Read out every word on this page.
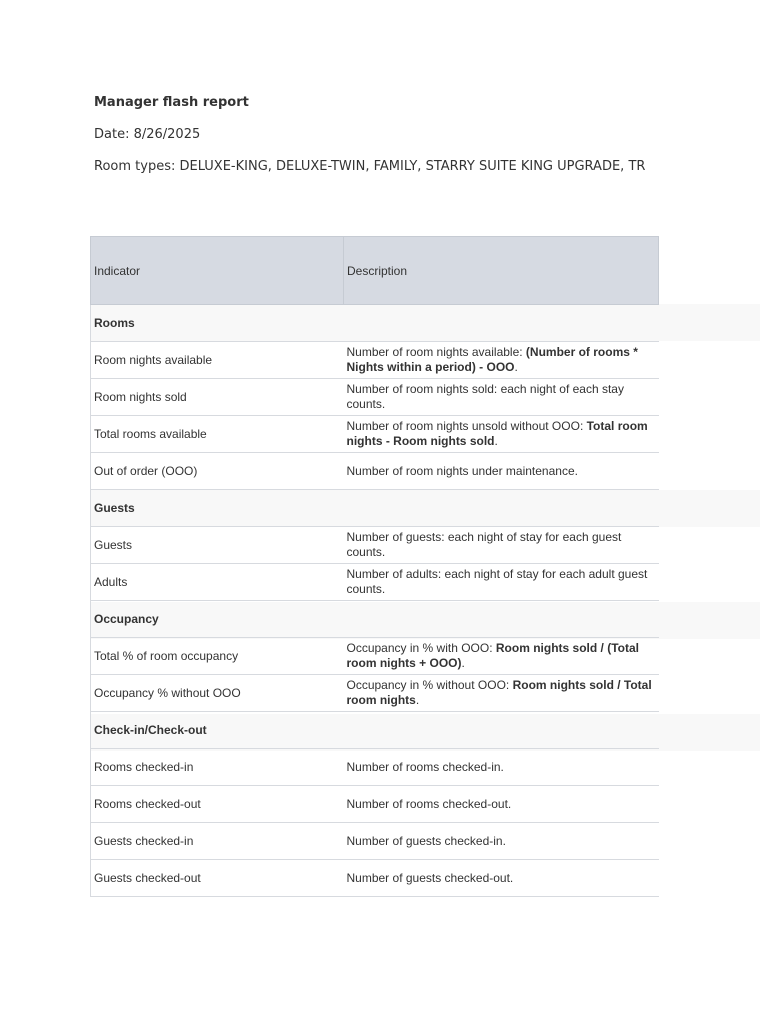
Manager flash report
Date: 8/26/2025
Room types: DELUXE-KING, DELUXE-TWIN, FAMILY, STARRY SUITE KING UPGRADE, TR
Indicator	Description
Rooms	
Room nights available	Number of room nights available: (Number of rooms * Nights within a period) - OOO.
Room nights sold	Number of room nights sold: each night of each stay counts.
Total rooms available	Number of room nights unsold without OOO: Total room nights - Room nights sold.
Out of order (OOO)	Number of room nights under maintenance.
Guests	
Guests	Number of guests: each night of stay for each guest counts.
Adults	Number of adults: each night of stay for each adult guest counts.
Occupancy	
Total % of room occupancy	Occupancy in % with OOO: Room nights sold / (Total room nights + OOO).
Occupancy % without OOO	Occupancy in % without OOO: Room nights sold / Total room nights.
Check-in/Check-out	
Rooms checked-in	Number of rooms checked-in.
Rooms checked-out	Number of rooms checked-out.
Guests checked-in	Number of guests checked-in.
Guests checked-out	Number of guests checked-out.
